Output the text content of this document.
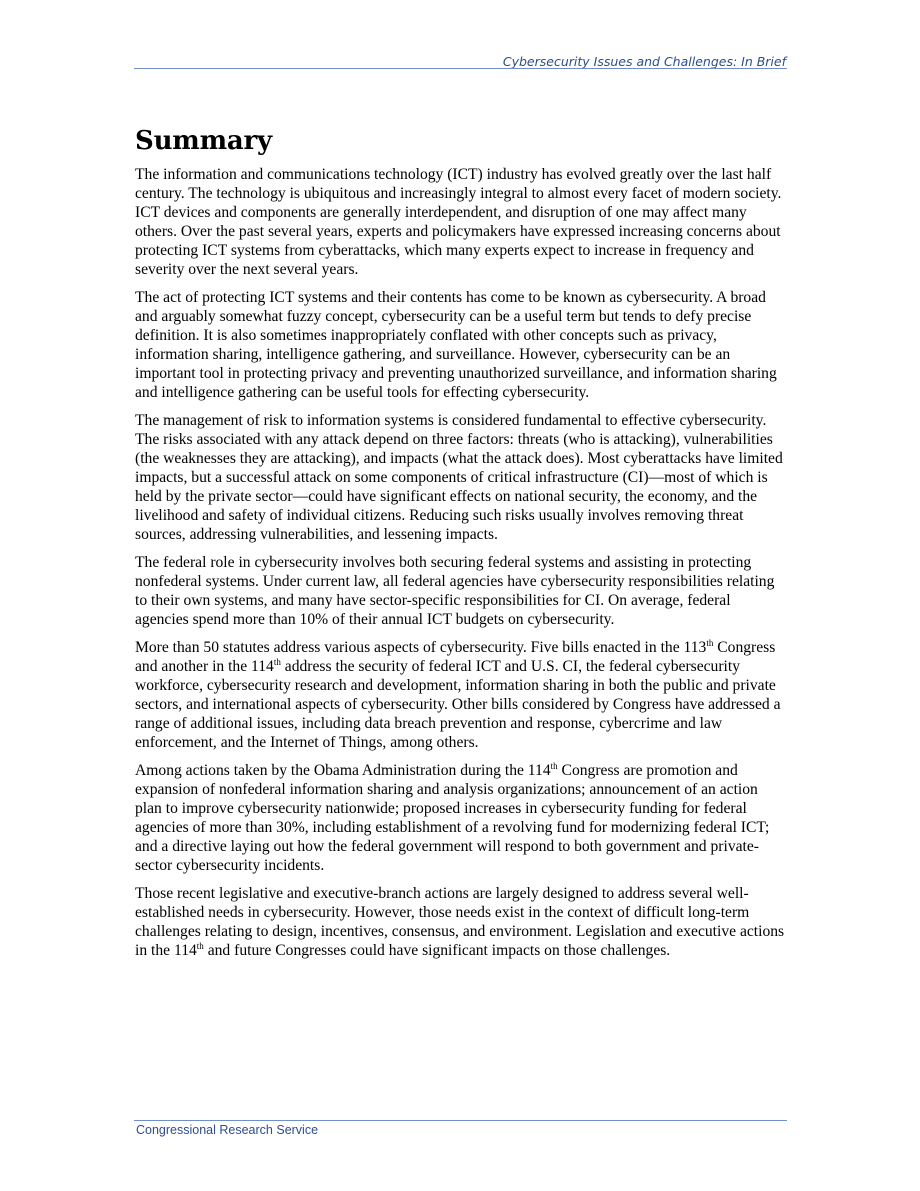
Cybersecurity Issues and Challenges: In Brief
Summary

The information and communications technology (ICT) industry has evolved greatly over the last half century. The technology is ubiquitous and increasingly integral to almost every facet of modern society. ICT devices and components are generally interdependent, and disruption of one may affect many others. Over the past several years, experts and policymakers have expressed increasing concerns about protecting ICT systems from cyberattacks, which many experts expect to increase in frequency and severity over the next several years.

The act of protecting ICT systems and their contents has come to be known as cybersecurity. A broad and arguably somewhat fuzzy concept, cybersecurity can be a useful term but tends to defy precise definition. It is also sometimes inappropriately conflated with other concepts such as privacy, information sharing, intelligence gathering, and surveillance. However, cybersecurity can be an important tool in protecting privacy and preventing unauthorized surveillance, and information sharing and intelligence gathering can be useful tools for effecting cybersecurity.

The management of risk to information systems is considered fundamental to effective cybersecurity. The risks associated with any attack depend on three factors: threats (who is attacking), vulnerabilities (the weaknesses they are attacking), and impacts (what the attack does). Most cyberattacks have limited impacts, but a successful attack on some components of critical infrastructure (CI)—most of which is held by the private sector—could have significant effects on national security, the economy, and the livelihood and safety of individual citizens. Reducing such risks usually involves removing threat sources, addressing vulnerabilities, and lessening impacts.

The federal role in cybersecurity involves both securing federal systems and assisting in protecting nonfederal systems. Under current law, all federal agencies have cybersecurity responsibilities relating to their own systems, and many have sector-specific responsibilities for CI. On average, federal agencies spend more than 10% of their annual ICT budgets on cybersecurity.

More than 50 statutes address various aspects of cybersecurity. Five bills enacted in the 113th Congress and another in the 114th address the security of federal ICT and U.S. CI, the federal cybersecurity workforce, cybersecurity research and development, information sharing in both the public and private sectors, and international aspects of cybersecurity. Other bills considered by Congress have addressed a range of additional issues, including data breach prevention and response, cybercrime and law enforcement, and the Internet of Things, among others.

Among actions taken by the Obama Administration during the 114th Congress are promotion and expansion of nonfederal information sharing and analysis organizations; announcement of an action plan to improve cybersecurity nationwide; proposed increases in cybersecurity funding for federal agencies of more than 30%, including establishment of a revolving fund for modernizing federal ICT; and a directive laying out how the federal government will respond to both government and private-sector cybersecurity incidents.

Those recent legislative and executive-branch actions are largely designed to address several well-established needs in cybersecurity. However, those needs exist in the context of difficult long-term challenges relating to design, incentives, consensus, and environment. Legislation and executive actions in the 114th and future Congresses could have significant impacts on those challenges.

Congressional Research Service
